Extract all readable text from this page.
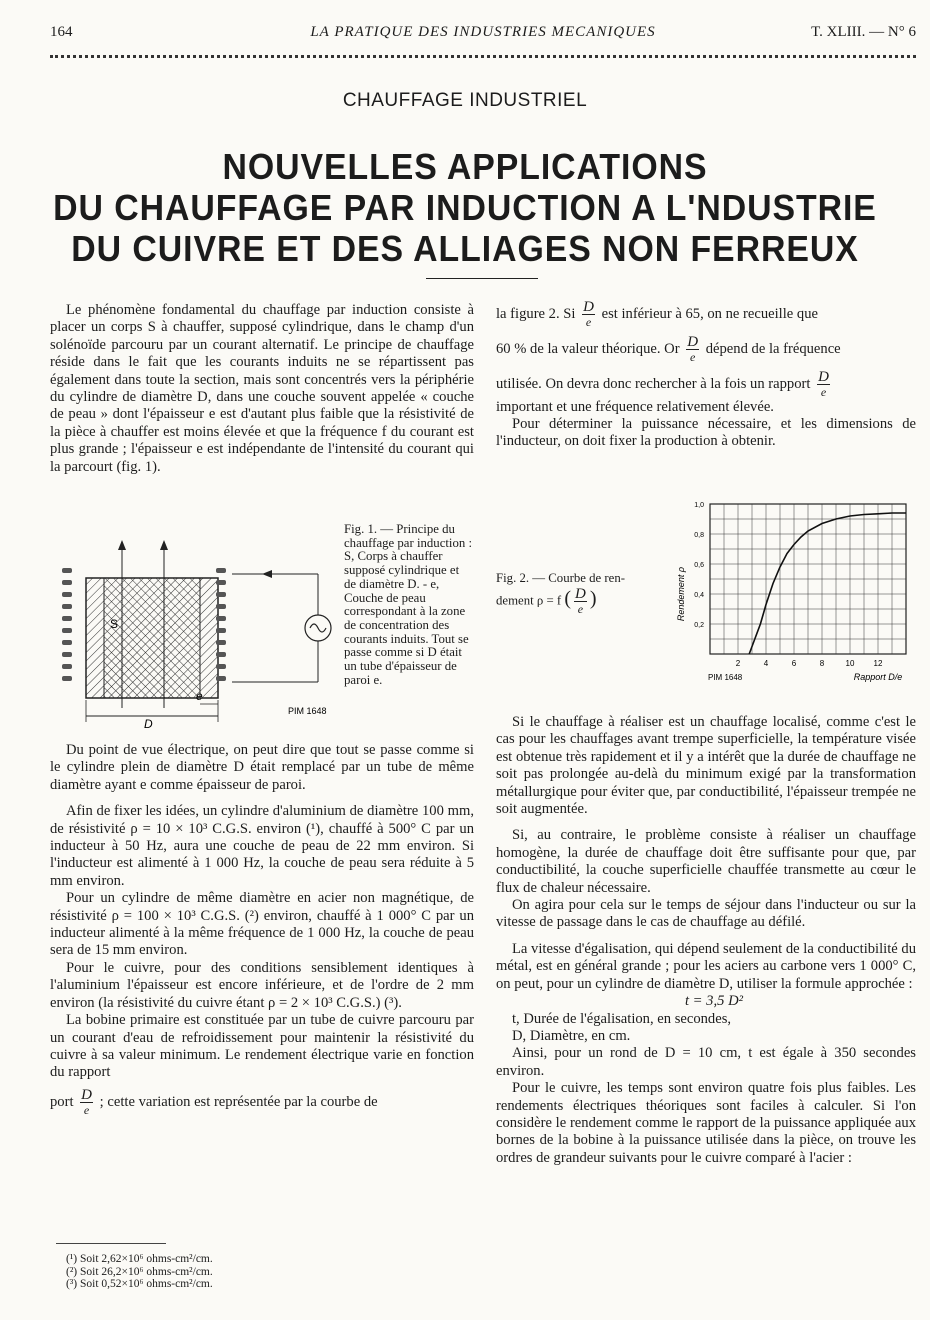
164	LA PRATIQUE DES INDUSTRIES MECANIQUES	T. XLIII. — N° 6
CHAUFFAGE INDUSTRIEL
NOUVELLES APPLICATIONS
DU CHAUFFAGE PAR INDUCTION A L'NDUSTRIE
DU CUIVRE ET DES ALLIAGES NON FERREUX

Le phénomène fondamental du chauffage par induction consiste à placer un corps S à chauffer, supposé cylindrique, dans le champ d'un solénoïde parcouru par un courant alternatif. Le principe de chauffage réside dans le fait que les courants induits ne se répartissent pas également dans toute la section, mais sont concentrés vers la périphérie du cylindre de diamètre D, dans une couche souvent appelée « couche de peau » dont l'épaisseur e est d'autant plus faible que la résistivité de la pièce à chauffer est moins élevée et que la fréquence f du courant est plus grande ; l'épaisseur e est indépendante de l'intensité du courant qui la parcourt (fig. 1).

S
D
e
PIM 1648
Fig. 1. — Principe du chauffage par induction : S, Corps à chauffer supposé cylindrique et de diamètre D. - e, Couche de peau correspondant à la zone de concentration des courants induits. Tout se passe comme si D était un tube d'épaisseur de paroi e.

Du point de vue électrique, on peut dire que tout se passe comme si le cylindre plein de diamètre D était remplacé par un tube de même diamètre ayant e comme épaisseur de paroi.

Afin de fixer les idées, un cylindre d'aluminium de diamètre 100 mm, de résistivité ρ = 10 × 10³ C.G.S. environ (¹), chauffé à 500° C par un inducteur à 50 Hz, aura une couche de peau de 22 mm environ. Si l'inducteur est alimenté à 1 000 Hz, la couche de peau sera réduite à 5 mm environ.

Pour un cylindre de même diamètre en acier non magnétique, de résistivité ρ = 100 × 10³ C.G.S. (²) environ, chauffé à 1 000° C par un inducteur alimenté à la même fréquence de 1 000 Hz, la couche de peau sera de 15 mm environ.

Pour le cuivre, pour des conditions sensiblement identiques à l'aluminium l'épaisseur est encore inférieure, et de l'ordre de 2 mm environ (la résistivité du cuivre étant ρ = 2 × 10³ C.G.S.) (³).

La bobine primaire est constituée par un tube de cuivre parcouru par un courant d'eau de refroidissement pour maintenir la résistivité du cuivre à sa valeur minimum. Le rendement électrique varie en fonction du rapport

port $\frac{D}{e}$ ; cette variation est représentée par la courbe de

(¹) Soit 2,62×10⁶ ohms-cm²/cm.
(²) Soit 26,2×10⁶ ohms-cm²/cm.
(³) Soit 0,52×10⁶ ohms-cm²/cm.

la figure 2. Si $\frac{D}{e}$ est inférieur à 65, on ne recueille que

60 % de la valeur théorique. Or $\frac{D}{e}$ dépend de la fréquence

utilisée. On devra donc rechercher à la fois un rapport $\frac{D}{e}$

important et une fréquence relativement élevée.

Pour déterminer la puissance nécessaire, et les dimensions de l'inducteur, on doit fixer la production à obtenir.

2	4	6	8	10 12
0,2
0,4
0,6
0,8
1,0
Rendement ρ
Rapport D/e
PIM 1648
Fig. 2. — Courbe de ren-
dement ρ = f ( $\frac{D}{e}$ )

Si le chauffage à réaliser est un chauffage localisé, comme c'est le cas pour les chauffages avant trempe superficielle, la température visée est obtenue très rapidement et il y a intérêt que la durée de chauffage ne soit pas prolongée au-delà du minimum exigé par la transformation métallurgique pour éviter que, par conductibilité, l'épaisseur trempée ne soit augmentée.

Si, au contraire, le problème consiste à réaliser un chauffage homogène, la durée de chauffage doit être suffisante pour que, par conductibilité, la couche superficielle chauffée transmette au cœur le flux de chaleur nécessaire.

On agira pour cela sur le temps de séjour dans l'inducteur ou sur la vitesse de passage dans le cas de chauffage au défilé.

La vitesse d'égalisation, qui dépend seulement de la conductibilité du métal, est en général grande ; pour les aciers au carbone vers 1 000° C, on peut, pour un cylindre de diamètre D, utiliser la formule approchée :

t = 3,5 D²

t, Durée de l'égalisation, en secondes,

D, Diamètre, en cm.

Ainsi, pour un rond de D = 10 cm, t est égale à 350 secondes environ.

Pour le cuivre, les temps sont environ quatre fois plus faibles. Les rendements électriques théoriques sont faciles à calculer. Si l'on considère le rendement comme le rapport de la puissance appliquée aux bornes de la bobine à la puissance utilisée dans la pièce, on trouve les ordres de grandeur suivants pour le cuivre comparé à l'acier :
